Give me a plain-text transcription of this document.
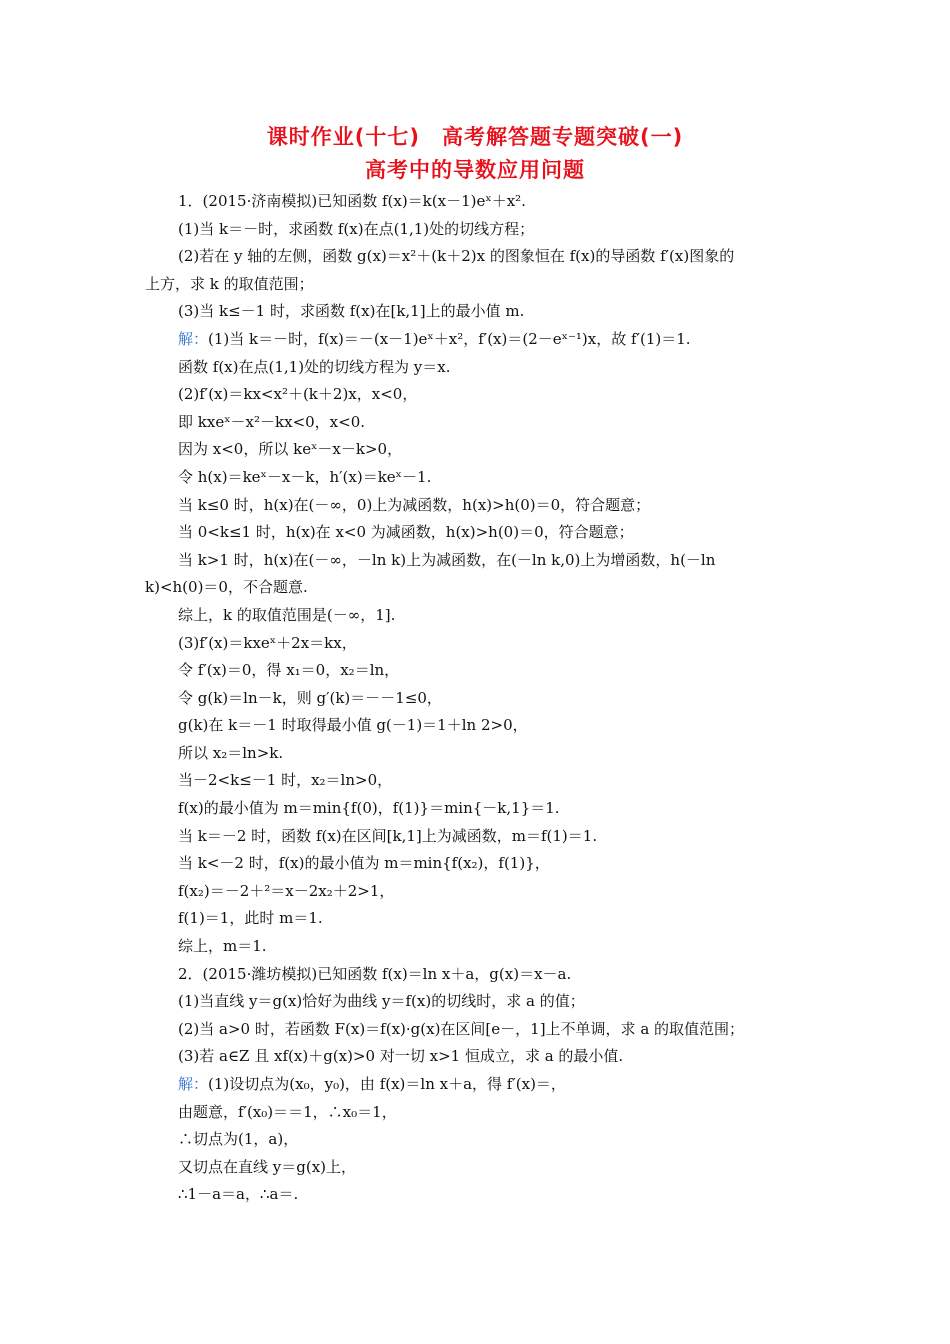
课时作业(十七)　高考解答题专题突破(一)
高考中的导数应用问题
1．(2015·济南模拟)已知函数 f(x)＝k(x－1)eˣ＋x².
(1)当 k＝－时，求函数 f(x)在点(1,1)处的切线方程；
(2)若在 y 轴的左侧，函数 g(x)＝x²＋(k＋2)x 的图象恒在 f(x)的导函数 f′(x)图象的
上方，求 k 的取值范围；
(3)当 k≤－1 时，求函数 f(x)在[k,1]上的最小值 m.
解：(1)当 k＝－时，f(x)＝－(x－1)eˣ＋x²，f′(x)＝(2－eˣ⁻¹)x，故 f′(1)＝1.
函数 f(x)在点(1,1)处的切线方程为 y＝x.
(2)f′(x)＝kx<x²＋(k＋2)x，x<0，
即 kxeˣ－x²－kx<0，x<0.
因为 x<0，所以 keˣ－x－k>0，
令 h(x)＝keˣ－x－k，h′(x)＝keˣ－1.
当 k≤0 时，h(x)在(－∞，0)上为减函数，h(x)>h(0)＝0，符合题意；
当 0<k≤1 时，h(x)在 x<0 为减函数，h(x)>h(0)＝0，符合题意；
当 k>1 时，h(x)在(－∞，－ln k)上为减函数，在(－ln k,0)上为增函数，h(－ln
k)<h(0)＝0，不合题意.
综上，k 的取值范围是(－∞，1].
(3)f′(x)＝kxeˣ＋2x＝kx，
令 f′(x)＝0，得 x₁＝0，x₂＝ln，
令 g(k)＝ln－k，则 g′(k)＝－－1≤0，
g(k)在 k＝－1 时取得最小值 g(－1)＝1＋ln 2>0，
所以 x₂＝ln>k.
当－2<k≤－1 时，x₂＝ln>0，
f(x)的最小值为 m＝min{f(0)，f(1)}＝min{－k,1}＝1.
当 k＝－2 时，函数 f(x)在区间[k,1]上为减函数，m＝f(1)＝1.
当 k<－2 时，f(x)的最小值为 m＝min{f(x₂)，f(1)}，
f(x₂)＝－2＋²＝x－2x₂＋2>1，
f(1)＝1，此时 m＝1.
综上，m＝1.
2．(2015·潍坊模拟)已知函数 f(x)＝ln x＋a，g(x)＝x－a.
(1)当直线 y＝g(x)恰好为曲线 y＝f(x)的切线时，求 a 的值；
(2)当 a>0 时，若函数 F(x)＝f(x)·g(x)在区间[e－，1]上不单调，求 a 的取值范围；
(3)若 a∈Z 且 xf(x)＋g(x)>0 对一切 x>1 恒成立，求 a 的最小值.
解：(1)设切点为(x₀，y₀)，由 f(x)＝ln x＋a，得 f′(x)＝，
由题意，f′(x₀)＝＝1，∴x₀＝1，
∴切点为(1，a)，
又切点在直线 y＝g(x)上，
∴1－a＝a，∴a＝.
